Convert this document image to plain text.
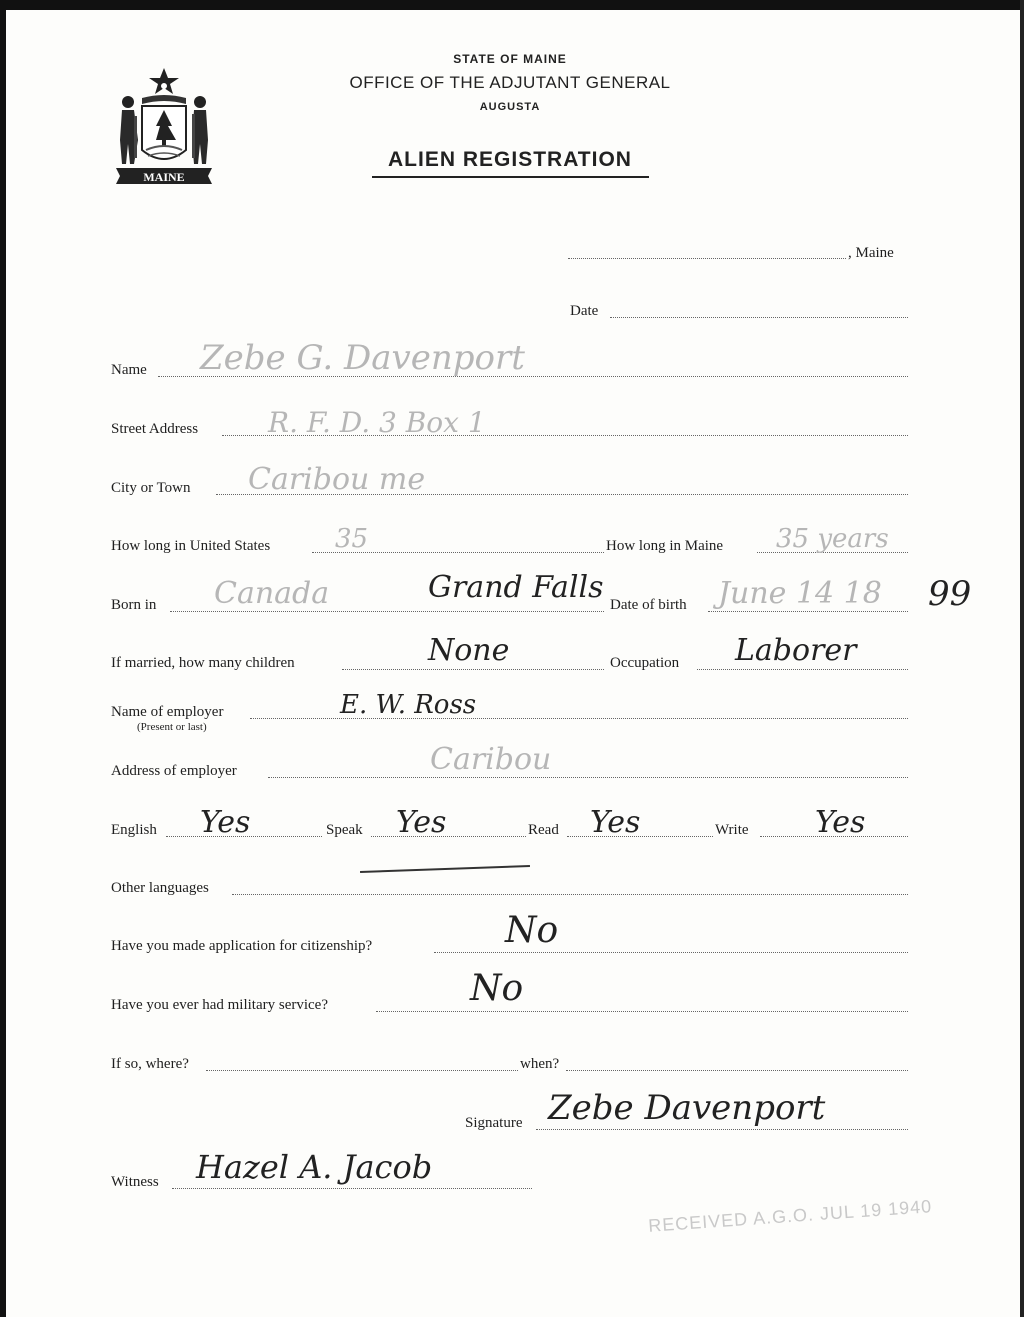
MAINE
STATE OF MAINE
OFFICE OF THE ADJUTANT GENERAL
AUGUSTA
ALIEN REGISTRATION
, Maine
Date
Name Zebe G. Davenport
Street Address R. F. D. 3 Box 1
City or Town Caribou me
How long in United States 35	How long in Maine 35 years
Born in Canada	Grand Falls Date of birth June 14 18 99
If married, how many children	None	Occupation Laborer
Name of employer
(Present or last)
E. W. Ross
Address of employer	Caribou
English Yes	Speak Yes	Read Yes	Write Yes
Other languages
Have you made application for citizenship?	No
Have you ever had military service?	No
If so, where?	when?
Signature Zebe Davenport
Witness Hazel A. Jacob
RECEIVED A.G.O. JUL 19 1940
